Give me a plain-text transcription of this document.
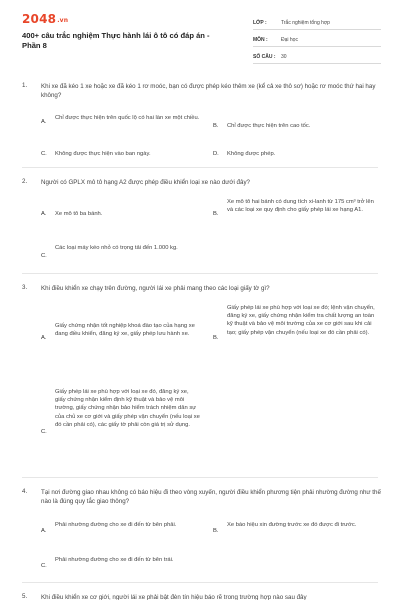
2048.vn
400+ câu trắc nghiệm Thực hành lái ô tô có đáp án - Phần 8
LỚP :	Trắc nghiệm tổng hợp
MÔN :	Đại học
SỐ CÂU :	30
1. Khi xe đã kéo 1 xe hoặc xe đã kéo 1 rơ moóc, bạn có được phép kéo thêm xe (kể cả xe thô sơ) hoặc rơ moóc thứ hai hay không?
A.
Chỉ được thực hiện trên quốc lộ có hai làn xe một chiều.
B. Chỉ được thực hiện trên cao tốc.
C. Không được thực hiện vào ban ngày.	D. Không được phép.
2. Người có GPLX mô tô hạng A2 được phép điều khiển loại xe nào dưới đây?
A. Xe mô tô ba bánh.	B.
Xe mô tô hai bánh có dung tích xi-lanh từ 175 cm³ trở lên và các loại xe quy định cho giấy phép lái xe hạng A1.
C.
Các loại máy kéo nhỏ có trọng tải đến 1.000 kg.
3. Khi điều khiển xe chạy trên đường, người lái xe phải mang theo các loại giấy tờ gì?
A.
Giấy chứng nhận tốt nghiệp khoá đào tạo của hạng xe đang điều khiển, đăng ký xe, giấy phép lưu hành xe.
B.
Giấy phép lái xe phù hợp với loại xe đó; lệnh vận chuyển, đăng ký xe, giấy chứng nhận kiểm tra chất lượng an toàn kỹ thuật và bảo vệ môi trường của xe cơ giới sau khi cải tạo; giấy phép vận chuyển (nếu loại xe đó cần phải có).
C.
Giấy phép lái xe phù hợp với loại xe đó, đăng ký xe, giấy chứng nhận kiểm định kỹ thuật và bảo vệ môi trường, giấy chứng nhận bảo hiểm trách nhiệm dân sự của chủ xe cơ giới và giấy phép vận chuyển (nếu loại xe đó cần phải có), các giấy tờ phải còn giá trị sử dụng.
4. Tại nơi đường giao nhau không có báo hiệu đi theo vòng xuyến, người điều khiển phương tiện phải nhường đường như thế nào là đúng quy tắc giao thông?
A.
Phải nhường đường cho xe đi đến từ bên phải.
B.
Xe báo hiệu xin đường trước xe đó được đi trước.
C.
Phải nhường đường cho xe đi đến từ bên trái.
5. Khi điều khiển xe cơ giới, người lái xe phải bật đèn tín hiệu báo rẽ trong trường hợp nào sau đây
